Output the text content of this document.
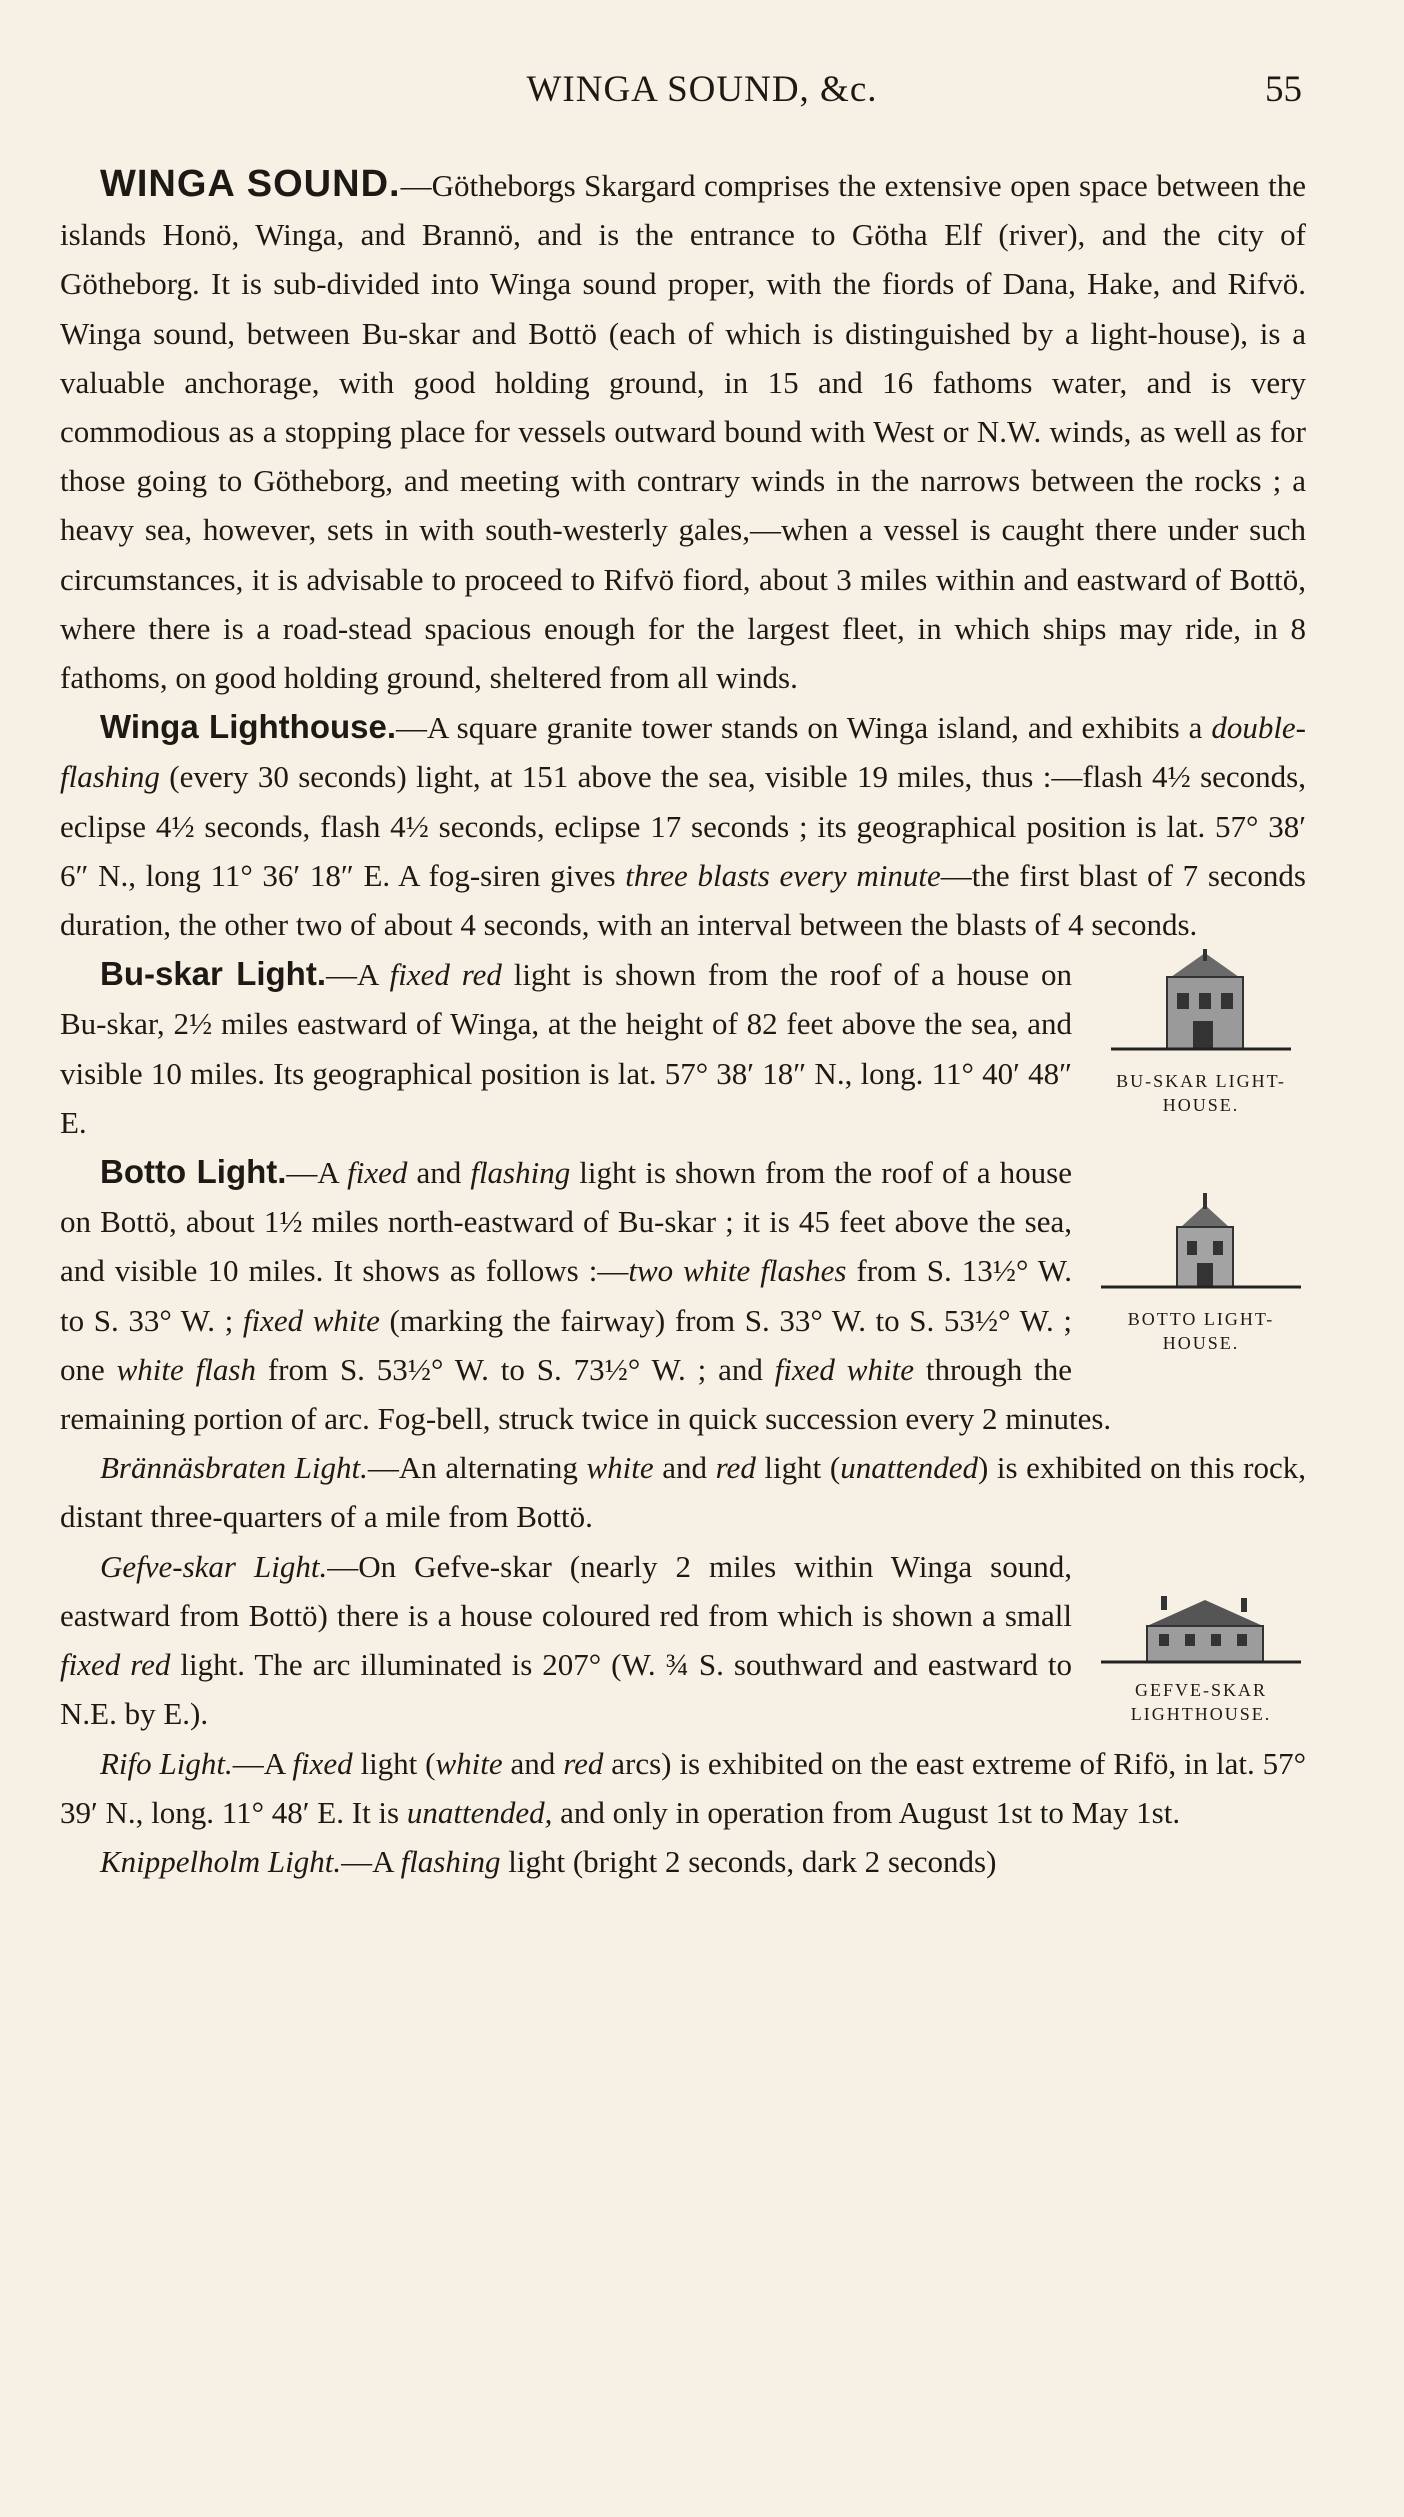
WINGA SOUND, &c.	55

WINGA SOUND.—Götheborgs Skargard comprises the extensive open space between the islands Honö, Winga, and Brannö, and is the entrance to Götha Elf (river), and the city of Götheborg. It is sub-divided into Winga sound proper, with the fiords of Dana, Hake, and Rifvö. Winga sound, between Bu-skar and Bottö (each of which is distinguished by a light-house), is a valuable anchorage, with good holding ground, in 15 and 16 fathoms water, and is very commodious as a stopping place for vessels outward bound with West or N.W. winds, as well as for those going to Götheborg, and meeting with contrary winds in the narrows between the rocks ; a heavy sea, however, sets in with south-westerly gales,—when a vessel is caught there under such circumstances, it is advisable to proceed to Rifvö fiord, about 3 miles within and eastward of Bottö, where there is a road-stead spacious enough for the largest fleet, in which ships may ride, in 8 fathoms, on good holding ground, sheltered from all winds.

Winga Lighthouse.—A square granite tower stands on Winga island, and exhibits a double-flashing (every 30 seconds) light, at 151 above the sea, visible 19 miles, thus :—flash 4½ seconds, eclipse 4½ seconds, flash 4½ seconds, eclipse 17 seconds ; its geographical position is lat. 57° 38′ 6″ N., long 11° 36′ 18″ E. A fog-siren gives three blasts every minute—the first blast of 7 seconds duration, the other two of about 4 seconds, with an interval between the blasts of 4 seconds.

BU-SKAR LIGHT-
HOUSE.

Bu-skar Light.—A fixed red light is shown from the roof of a house on Bu-skar, 2½ miles eastward of Winga, at the height of 82 feet above the sea, and visible 10 miles. Its geographical position is lat. 57° 38′ 18″ N., long. 11° 40′ 48″ E.

BOTTO LIGHT-
HOUSE.

Botto Light.—A fixed and flashing light is shown from the roof of a house on Bottö, about 1½ miles north-eastward of Bu-skar ; it is 45 feet above the sea, and visible 10 miles. It shows as follows :—two white flashes from S. 13½° W. to S. 33° W. ; fixed white (marking the fairway) from S. 33° W. to S. 53½° W. ; one white flash from S. 53½° W. to S. 73½° W. ; and fixed white through the remaining portion of arc. Fog-bell, struck twice in quick succession every 2 minutes.

Brännäsbraten Light.—An alternating white and red light (unattended) is exhibited on this rock, distant three-quarters of a mile from Bottö.

GEFVE-SKAR
LIGHTHOUSE.

Gefve-skar Light.—On Gefve-skar (nearly 2 miles within Winga sound, eastward from Bottö) there is a house coloured red from which is shown a small fixed red light. The arc illuminated is 207° (W. ¾ S. southward and eastward to N.E. by E.).

Rifo Light.—A fixed light (white and red arcs) is exhibited on the east extreme of Rifö, in lat. 57° 39′ N., long. 11° 48′ E. It is unattended, and only in operation from August 1st to May 1st.

Knippelholm Light.—A flashing light (bright 2 seconds, dark 2 seconds)
